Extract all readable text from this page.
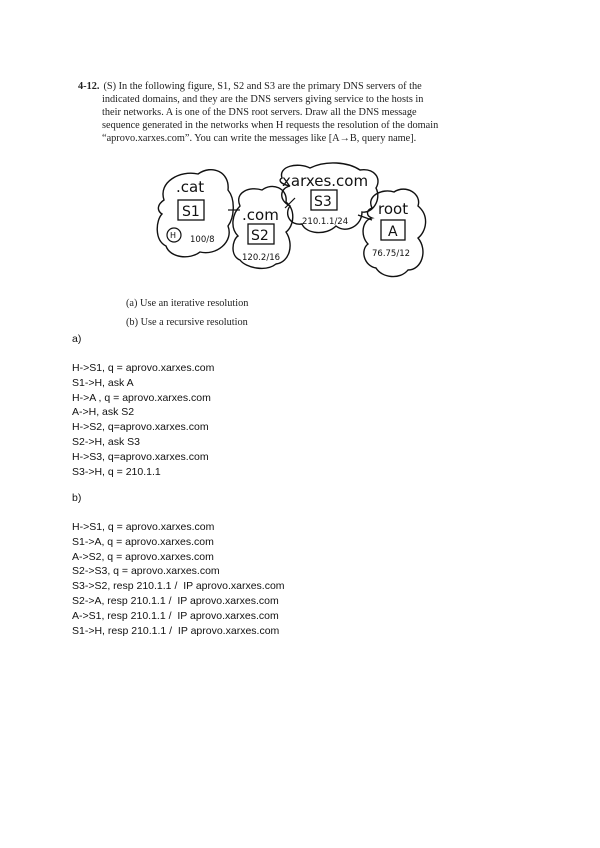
4-12. (S) In the following figure, S1, S2 and S3 are the primary DNS servers of the
indicated domains, and they are the DNS servers giving service to the hosts in
their networks. A is one of the DNS root servers. Draw all the DNS message
sequence generated in the networks when H requests the resolution of the domain
“aprovo.xarxes.com”. You can write the messages like [A→B, query name].
.cat
S1
H 100/8
.com
S2
120.2/16
xarxes.com
S3
210.1.1/24
root
A
76.75/12
(a) Use an iterative resolution
(b) Use a recursive resolution
a)
H->S1, q = aprovo.xarxes.com
S1->H, ask A
H->A , q = aprovo.xarxes.com
A->H, ask S2
H->S2, q=aprovo.xarxes.com
S2->H, ask S3
H->S3, q=aprovo.xarxes.com
S3->H, q = 210.1.1
b)
H->S1, q = aprovo.xarxes.com
S1->A, q = aprovo.xarxes.com
A->S2, q = aprovo.xarxes.com
S2->S3, q = aprovo.xarxes.com
S3->S2, resp 210.1.1 /  IP aprovo.xarxes.com
S2->A, resp 210.1.1 /  IP aprovo.xarxes.com
A->S1, resp 210.1.1 /  IP aprovo.xarxes.com
S1->H, resp 210.1.1 /  IP aprovo.xarxes.com
